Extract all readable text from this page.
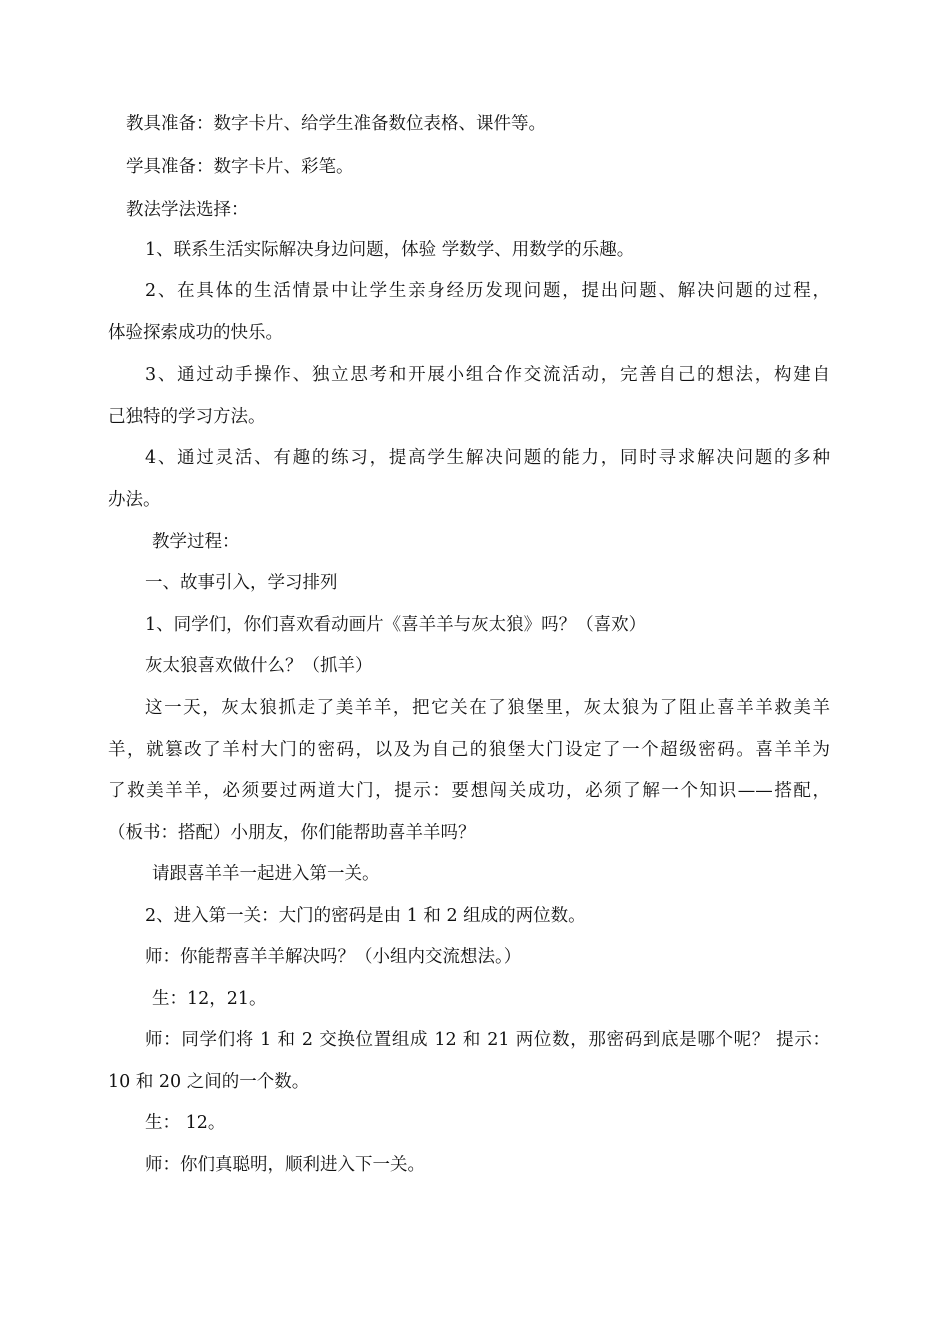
教具准备：数字卡片、给学生准备数位表格、课件等。
学具准备：数字卡片、彩笔。
教法学法选择：
1、联系生活实际解决身边问题，体验 学数学、用数学的乐趣。
2、在具体的生活情景中让学生亲身经历发现问题，提出问题、解决问题的过程，
体验探索成功的快乐。
3、通过动手操作、独立思考和开展小组合作交流活动，完善自己的想法，构建自
己独特的学习方法。
4、通过灵活、有趣的练习，提高学生解决问题的能力，同时寻求解决问题的多种
办法。
教学过程：
一、故事引入，学习排列
1、同学们，你们喜欢看动画片《喜羊羊与灰太狼》吗？（喜欢）
灰太狼喜欢做什么？（抓羊）
这一天，灰太狼抓走了美羊羊，把它关在了狼堡里，灰太狼为了阻止喜羊羊救美羊
羊，就篡改了羊村大门的密码，以及为自己的狼堡大门设定了一个超级密码。喜羊羊为
了救美羊羊，必须要过两道大门，提示：要想闯关成功，必须了解一个知识——搭配，
（板书：搭配）小朋友，你们能帮助喜羊羊吗？
请跟喜羊羊一起进入第一关。
2、进入第一关：大门的密码是由 1 和 2 组成的两位数。
师：你能帮喜羊羊解决吗？（小组内交流想法。）
生：12，21。
师：同学们将 1 和 2 交换位置组成 12 和 21 两位数，那密码到底是哪个呢？ 提示：
10 和 20 之间的一个数。
生： 12。
师：你们真聪明，顺利进入下一关。
